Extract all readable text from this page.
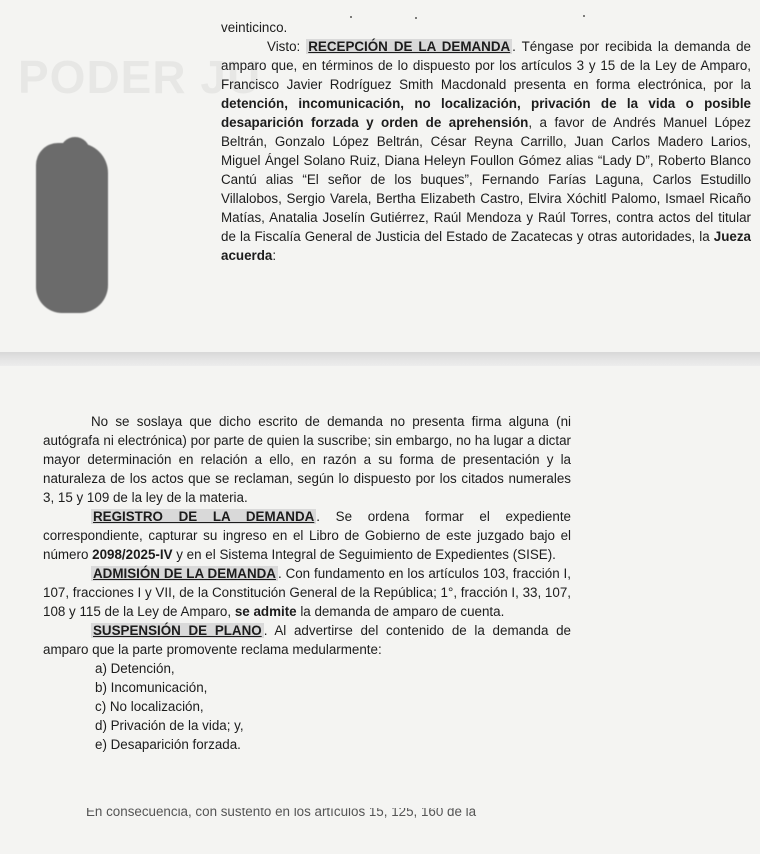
PODER JU

veinticinco.

Visto: RECEPCIÓN DE LA DEMANDA . Téngase por recibida la demanda de amparo que, en términos de lo dispuesto por los artículos 3 y 15 de la Ley de Amparo, Francisco Javier Rodríguez Smith Macdonald presenta en forma electrónica, por la detención, incomunicación, no localización, privación de la vida o posible desaparición forzada y orden de aprehensión, a favor de Andrés Manuel López Beltrán, Gonzalo López Beltrán, César Reyna Carrillo, Juan Carlos Madero Larios, Miguel Ángel Solano Ruiz, Diana Heleyn Foullon Gómez alias “Lady D”, Roberto Blanco Cantú alias “El señor de los buques”, Fernando Farías Laguna, Carlos Estudillo Villalobos, Sergio Varela, Bertha Elizabeth Castro, Elvira Xóchitl Palomo, Ismael Ricaño Matías, Anatalia Joselín Gutiérrez, Raúl Mendoza y Raúl Torres, contra actos del titular de la Fiscalía General de Justicia del Estado de Zacatecas y otras autoridades, la Jueza acuerda:

No se soslaya que dicho escrito de demanda no presenta firma alguna (ni autógrafa ni electrónica) por parte de quien la suscribe; sin embargo, no ha lugar a dictar mayor determinación en relación a ello, en razón a su forma de presentación y la naturaleza de los actos que se reclaman, según lo dispuesto por los citados numerales 3, 15 y 109 de la ley de la materia.

REGISTRO DE LA DEMANDA . Se ordena formar el expediente correspondiente, capturar su ingreso en el Libro de Gobierno de este juzgado bajo el número 2098/2025-IV y en el Sistema Integral de Seguimiento de Expedientes (SISE).

ADMISIÓN DE LA DEMANDA . Con fundamento en los artículos 103, fracción I, 107, fracciones I y VII, de la Constitución General de la República; 1°, fracción I, 33, 107, 108 y 115 de la Ley de Amparo, se admite la demanda de amparo de cuenta.

SUSPENSIÓN DE PLANO . Al advertirse del contenido de la demanda de amparo que la parte promovente reclama medularmente:

a) Detención,
b) Incomunicación,
c) No localización,
d) Privación de la vida; y,
e) Desaparición forzada.
En consecuencia, con sustento en los artículos 15, 125, 160 de la
